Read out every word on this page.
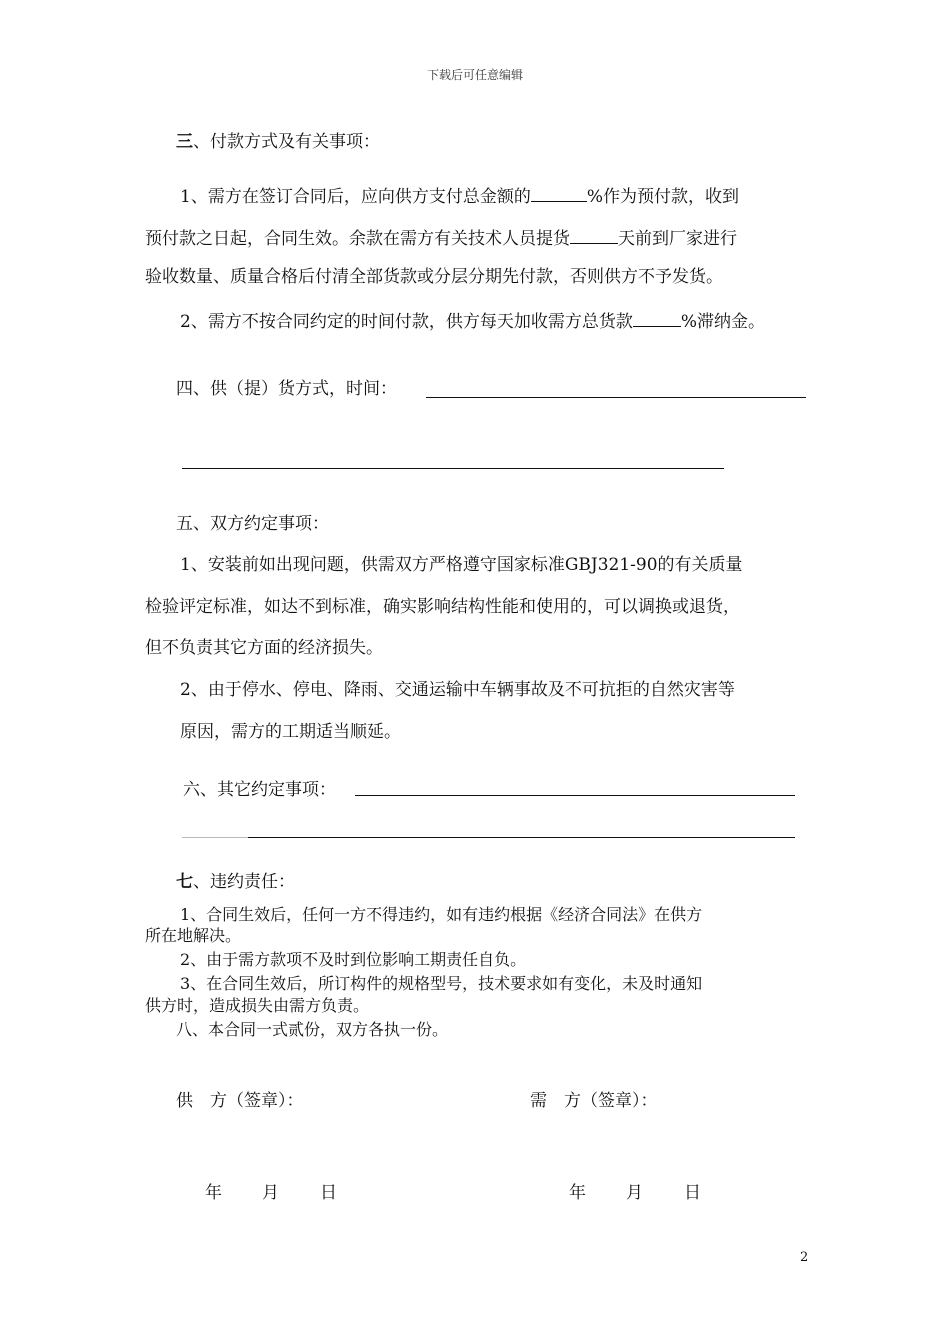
下载后可任意编辑
三、付款方式及有关事项：
1、需方在签订合同后，应向供方支付总金额的	%作为预付款，收到
预付款之日起，合同生效。余款在需方有关技术人员提货	天前到厂家进行
验收数量、质量合格后付清全部货款或分层分期先付款，否则供方不予发货。
2、需方不按合同约定的时间付款，供方每天加收需方总货款	%滞纳金。
四、供（提）货方式，时间：
五、双方约定事项：
1、安装前如出现问题，供需双方严格遵守国家标准GBJ321-90的有关质量
检验评定标准，如达不到标准，确实影响结构性能和使用的，可以调换或退货，
但不负责其它方面的经济损失。
2、由于停水、停电、降雨、交通运输中车辆事故及不可抗拒的自然灾害等
原因，需方的工期适当顺延。
六、其它约定事项：
七、违约责任：
1、合同生效后，任何一方不得违约，如有违约根据《经济合同法》在供方
所在地解决。
2、由于需方款项不及时到位影响工期责任自负。
3、在合同生效后，所订构件的规格型号，技术要求如有变化，未及时通知
供方时，造成损失由需方负责。
八、本合同一式贰份，双方各执一份。
供　方（签章）：	需　方（签章）：
年 月 日	年 月 日
2
